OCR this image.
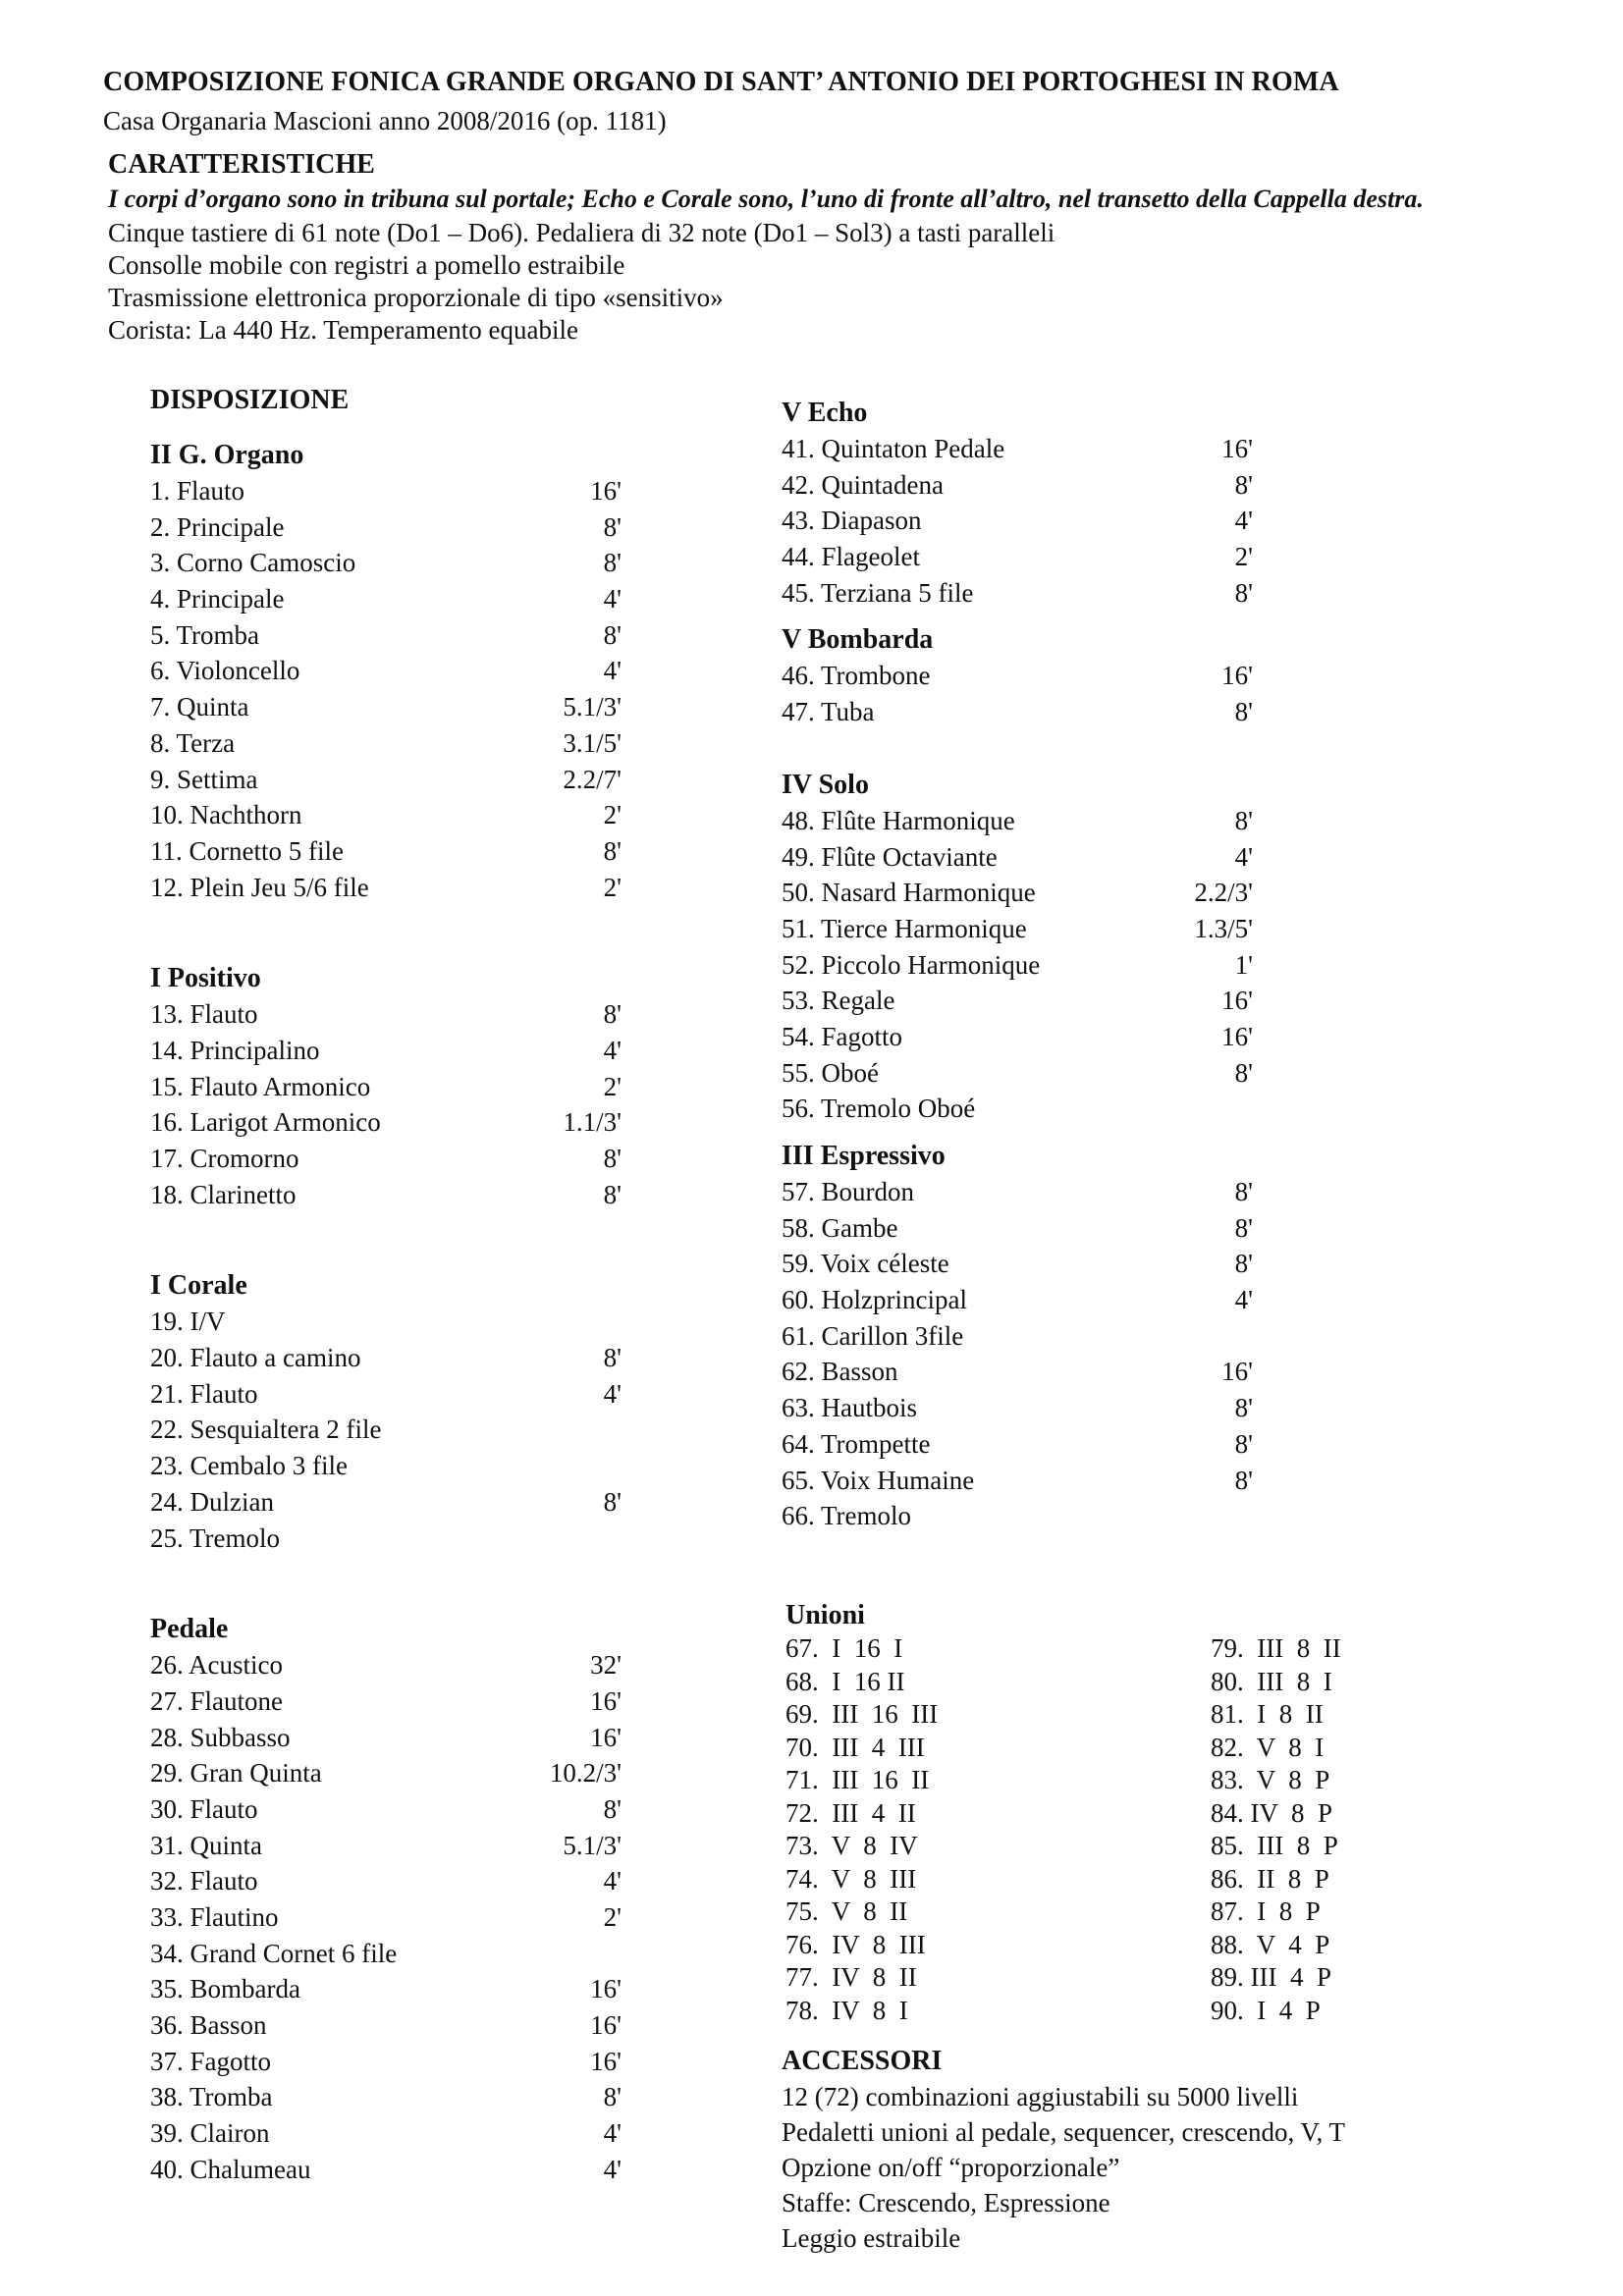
COMPOSIZIONE FONICA GRANDE ORGANO DI SANT’ ANTONIO DEI PORTOGHESI IN ROMA
Casa Organaria Mascioni anno 2008/2016 (op. 1181)
CARATTERISTICHE
I corpi d’organo sono in tribuna sul portale; Echo e Corale sono, l’uno di fronte all’altro, nel transetto della Cappella destra.
Cinque tastiere di 61 note (Do1 – Do6). Pedaliera di 32 note (Do1 – Sol3) a tasti paralleli
Consolle mobile con registri a pomello estraibile
Trasmissione elettronica proporzionale di tipo «sensitivo»
Corista: La 440 Hz. Temperamento equabile
DISPOSIZIONE
II G. Organo
1. Flauto	16'
2. Principale	8'
3. Corno Camoscio	8'
4. Principale	4'
5. Tromba	8'
6. Violoncello	4'
7. Quinta	5.1/3'
8. Terza	3.1/5'
9. Settima	2.2/7'
10. Nachthorn	2'
11. Cornetto 5 file	8'
12. Plein Jeu 5/6 file	2'
I Positivo
13. Flauto	8'
14. Principalino	4'
15. Flauto Armonico	2'
16. Larigot Armonico	1.1/3'
17. Cromorno	8'
18. Clarinetto	8'
I Corale
19. I/V
20. Flauto a camino	8'
21. Flauto	4'
22. Sesquialtera 2 file
23. Cembalo 3 file
24. Dulzian	8'
25. Tremolo
Pedale
26. Acustico	32'
27. Flautone	16'
28. Subbasso	16'
29. Gran Quinta	10.2/3'
30. Flauto	8'
31. Quinta	5.1/3'
32. Flauto	4'
33. Flautino	2'
34. Grand Cornet 6 file
35. Bombarda	16'
36. Basson	16'
37. Fagotto	16'
38. Tromba	8'
39. Clairon	4'
40. Chalumeau	4'
V Echo
41. Quintaton Pedale	16'
42. Quintadena	8'
43. Diapason	4'
44. Flageolet	2'
45. Terziana 5 file	8'
V Bombarda
46. Trombone	16'
47. Tuba	8'
IV Solo
48. Flûte Harmonique	8'
49. Flûte Octaviante	4'
50. Nasard Harmonique	2.2/3'
51. Tierce Harmonique	1.3/5'
52. Piccolo Harmonique	1'
53. Regale	16'
54. Fagotto	16'
55. Oboé	8'
56. Tremolo Oboé
III Espressivo
57. Bourdon	8'
58. Gambe	8'
59. Voix céleste	8'
60. Holzprincipal	4'
61. Carillon 3file
62. Basson	16'
63. Hautbois	8'
64. Trompette	8'
65. Voix Humaine	8'
66. Tremolo
Unioni
67.  I  16  I
68.  I  16 II
69.  III  16  III
70.  III  4  III
71.  III  16  II
72.  III  4  II
73.  V  8  IV
74.  V  8  III
75.  V  8  II
76.  IV  8  III
77.  IV  8  II
78.  IV  8  I
79.  III  8  II
80.  III  8  I
81.  I  8  II
82.  V  8  I
83.  V  8  P
84. IV  8  P
85.  III  8  P
86.  II  8  P
87.  I  8  P
88.  V  4  P
89. III  4  P
90.  I  4  P
ACCESSORI
12 (72) combinazioni aggiustabili su 5000 livelli
Pedaletti unioni al pedale, sequencer, crescendo, V, T
Opzione on/off “proporzionale”
Staffe: Crescendo, Espressione
Leggio estraibile
